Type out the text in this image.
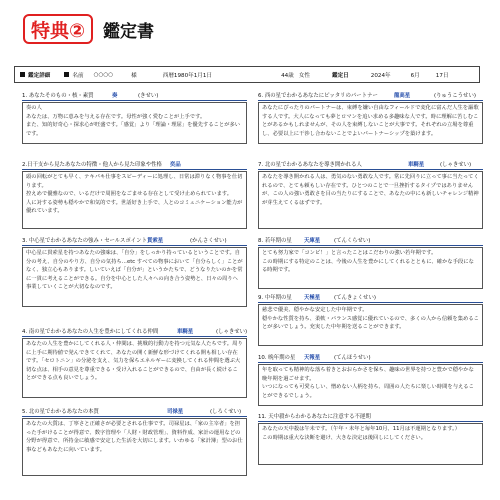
特典②	鑑定書
鑑定詳細	名前 ○○○○	様	西暦1980年1月1日	44歳 女性	鑑定日	2024年	6月	17日
1. あなたそのもの・核・素質	奏	(きせい)
奏の人
あなたは、万物に恵みを与える存在です。母性が強く愛むことが上手です。
また、知的好奇心・探求心が旺盛です。「感覚」より「理論・理屈」を優先することが多いです。
2.日干支から見たあなたの特徴・他人から見た印象や性格 奕品
頭の回転がとても早く、テキパキ仕事をスピーディーに処理し、日常は滞りなく物事を仕切ります。
控えめで優雅なので、いるだけで周囲をなごませる存在として受け止められています。
人に対する姿勢も穏やかで和気的です。世話好き上手で、人とのコミュニケーション能力が優れています。
3. 中心星でわかるあなたの強み・セールスポイント 貫索星	(かんさくせい)
中心星に貫索星を持つあなたの強味は、「自分」をしっかり持っているということです。自分の考え、自分のやり方、自分の気持ち…etc すべての物事において「自分らしく」ことがなく、独立心もあります。しいていえば「自分が」というかたちで、どうなりたいのかを常に一貫に考えることができる。自分を中心とした人々への向き合う姿勢と、日々の周りへ事業していくことが大切ななのです。
4. 南の星でわかるあなたの人生を豊かにしてくれる仲間	車騎星	(しゃきせい)
あなたの人生を豊かにしてくれる人・仲間は、挑戦的行動力を持つ元気な人たちです。周りに上手に期待値で発んできてくれて、あなたの開く新鮮な形づけてくれる開も相しい存在です。「セロトニン」の分泌を支え、気力を保ちエネルギーに変換してくれる仲間を選ぶ大切な点は、相手の意見を尊重できる・受け入れることができるので、自由が長く続けることができる点も良いでしょう。
5. 北の星でわかるあなたの本質	司禄星	(しろくせい)
あなたの大質は、丁寧さと正確さが必要とされる仕事です。司禄星は、「家の主宰者」を担った手がけることが得意で、数字管理や「人財・財政管理」、資料作成、家計の運用などの分野が得意で、所持金に敏感で安定した生活を大切にします。いわゆる「家計簿」型のお仕事などもあなたに向いています。
6. 西の星でわかるあなたにピッタリのパートナー	龍高星	(りゅうこうせい)
あなたにぴったりのパートナーは、束縛を嫌い自由なフィールドで変化に富んだ人生を謳歌する人です。大人になっても夢とロマンを追い求める多趣味な人です。時に理解に苦しむことがあるかもしれませんが、その人を束縛しないことが大事です。それぞれの立場を尊重し、必要以上に干渉し合わないことでよいパートナーシップを築けます。
7. 北の星でわかるあなたを導き開かれる人	車騎星	(しゃきせい)
あなたを導き開かれる人は、勇気のない勇敢な人です。常に先回りに立って事に当たってくれるので、とても頼もしい存在です。ひとつのことで一旦挫折するタイプではありませんが、この人の強い勇敢さを目の当たりにすることで、あなたの中にも新しいチャレンジ精神が芽生えてくるはずです。
8. 若年期の星 天庫星	(てんくらせい)
とても努力家で「コンピ！」と言ったことはこだわりの強い若年期です。
この時期にする特定のことは、今後の人生を豊かにしてくれるとともに、確かな手段になる時期です。
9. 中年期の星 天極星	(てんきょくせい)
慈悲で優美、穏やかな安定した中年期です。
穏やかな性質を持ち、柔軟・バランス感覚に優れているので、多くの人から信頼を集めることが多いでしょう。充実した中年期を送ることができます。
10. 晩年期の星 天報星	(てんほうせい)
年を取っても精神的な落ち着きとおおらかさを保ち、趣味の世界を持つと豊かで穏やかな晩年期を過ごせます。
いつになっても可愛らしい、憎めない人柄を持ち、周囲の人たちに楽しい時間を与えることができるでしょう。
11. 天中殺からわかるあなたに注意する不運期
あなたの天中殺は午未です。（午年・未年と毎年10月、11月は不運期となります。）
この時期は重大な決断を避け、大きな決定は後回しにしてください。
